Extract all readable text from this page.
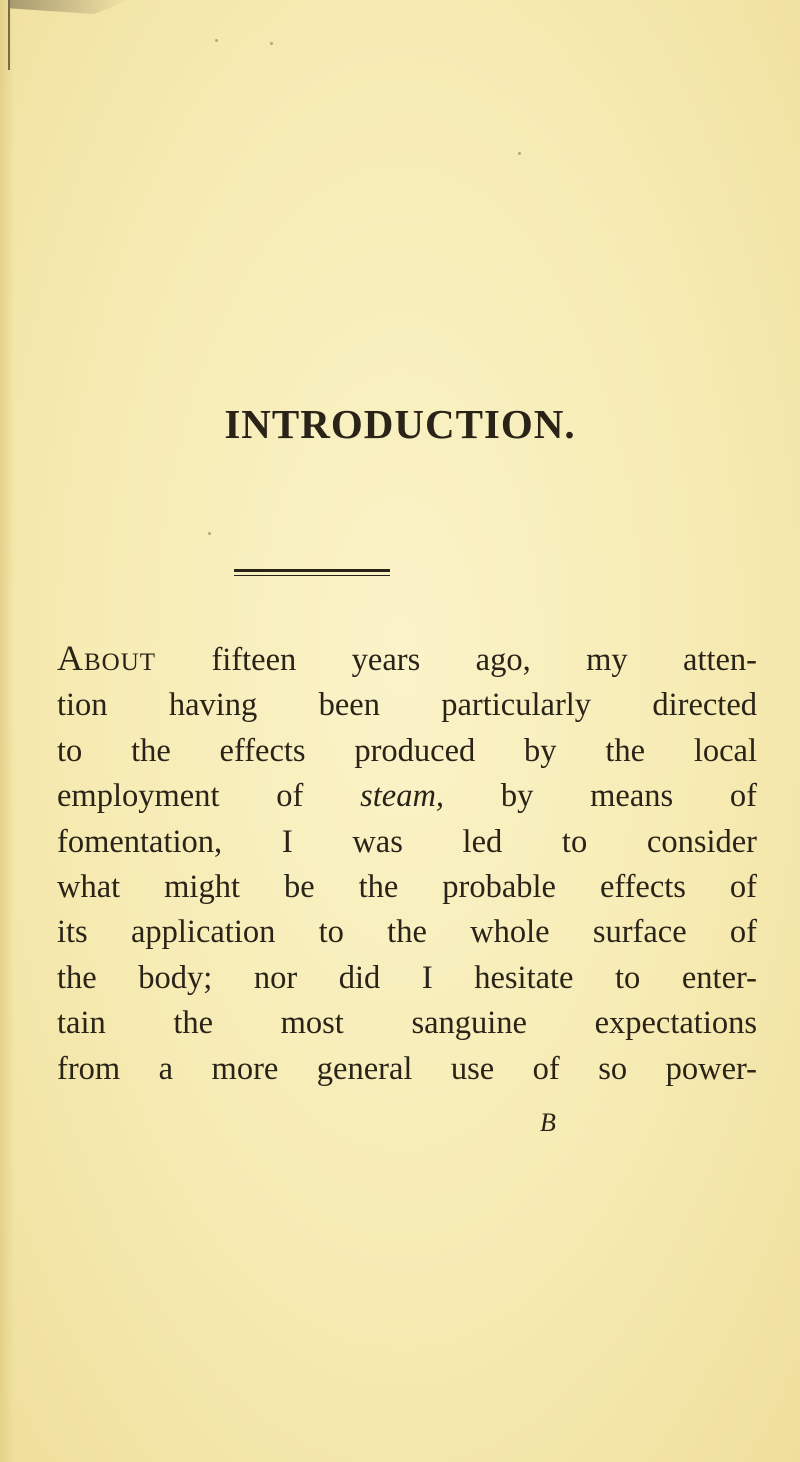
INTRODUCTION.
About fifteen years ago, my atten-
tion having been particularly directed
to the effects produced by the local
employment of steam, by means of
fomentation, I was led to consider
what might be the probable effects of
its application to the whole surface of
the body; nor did I hesitate to enter-
tain the most sanguine expectations
from a more general use of so power-

B
